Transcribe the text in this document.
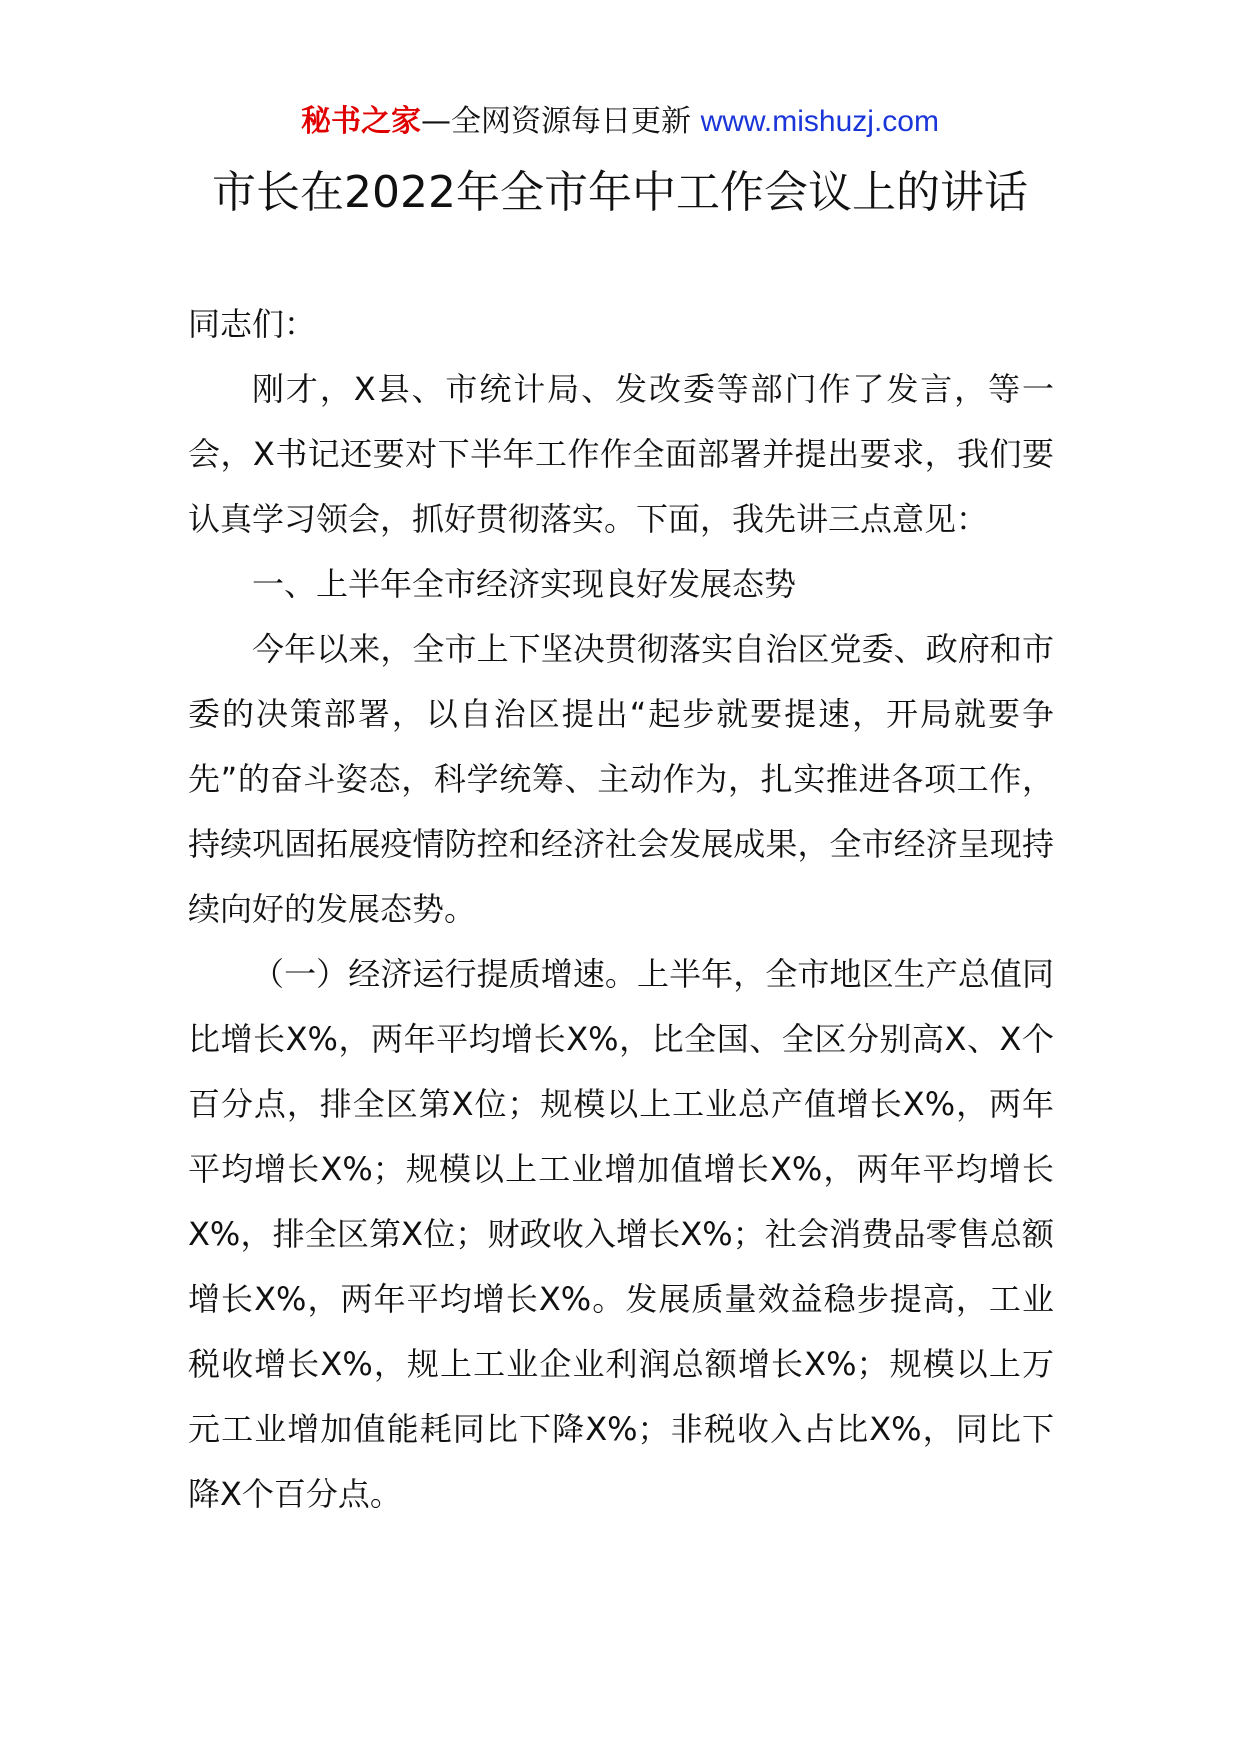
秘书之家—全网资源每日更新 www.mishuzj.com
市长在2022年全市年中工作会议上的讲话

同志们：

刚才，X县、市统计局、发改委等部门作了发言，等一会，X书记还要对下半年工作作全面部署并提出要求，我们要认真学习领会，抓好贯彻落实。下面，我先讲三点意见：

一、上半年全市经济实现良好发展态势

今年以来，全市上下坚决贯彻落实自治区党委、政府和市委的决策部署，以自治区提出“起步就要提速，开局就要争先”的奋斗姿态，科学统筹、主动作为，扎实推进各项工作，持续巩固拓展疫情防控和经济社会发展成果，全市经济呈现持续向好的发展态势。

（一）经济运行提质增速。上半年，全市地区生产总值同比增长X%，两年平均增长X%，比全国、全区分别高X、X个百分点，排全区第X位；规模以上工业总产值增长X%，两年平均增长X%；规模以上工业增加值增长X%，两年平均增长X%，排全区第X位；财政收入增长X%；社会消费品零售总额增长X%，两年平均增长X%。发展质量效益稳步提高，工业税收增长X%，规上工业企业利润总额增长X%；规模以上万元工业增加值能耗同比下降X%；非税收入占比X%，同比下降X个百分点。
